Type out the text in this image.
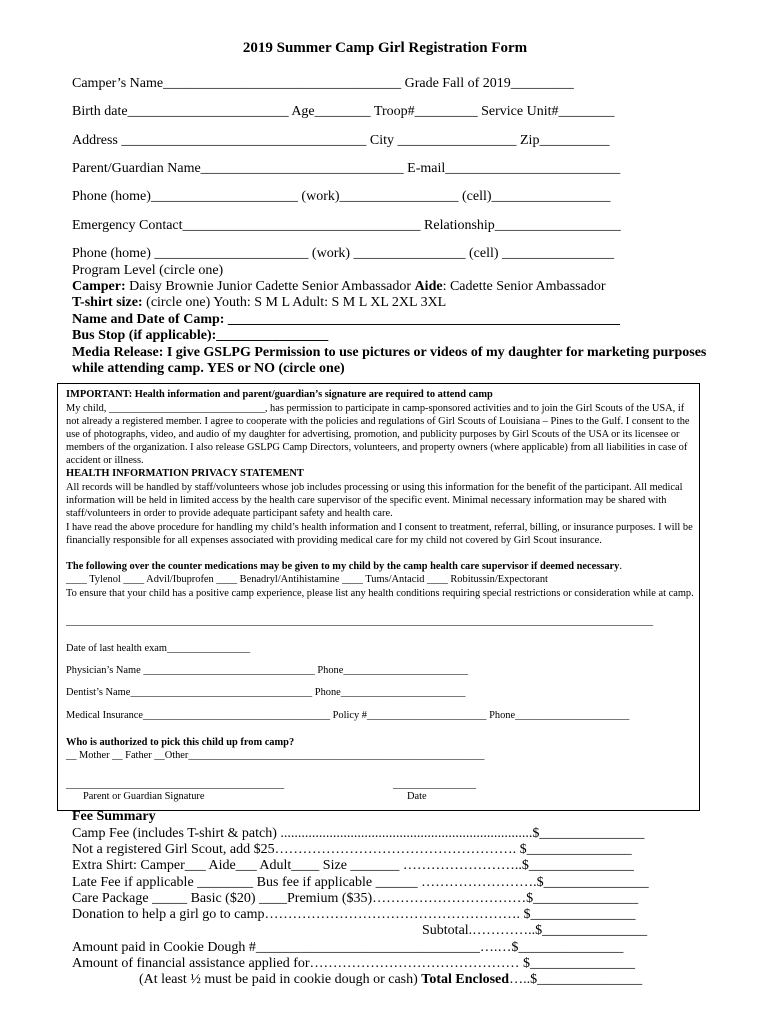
2019 Summer Camp Girl Registration Form
Camper’s Name__________________________________ Grade Fall of 2019_________
Birth date_______________________ Age________ Troop#_________ Service Unit#________
Address ___________________________________ City _________________ Zip__________
Parent/Guardian Name_____________________________ E-mail_________________________
Phone (home)_____________________ (work)_________________ (cell)_________________
Emergency Contact__________________________________ Relationship__________________
Phone (home) ______________________ (work) ________________ (cell) ________________
Program Level (circle one)
Camper: Daisy Brownie Junior Cadette Senior Ambassador Aide: Cadette Senior Ambassador
T-shirt size: (circle one) Youth: S M L Adult: S M L XL 2XL 3XL
Name and Date of Camp: ________________________________________________________
Bus Stop (if applicable):________________
Media Release: I give GSLPG Permission to use pictures or videos of my daughter for marketing purposes
while attending camp. YES or NO (circle one)
IMPORTANT: Health information and parent/guardian’s signature are required to attend camp
My child, ______________________________, has permission to participate in camp-sponsored activities and to join the Girl Scouts of the USA, if not already a registered member. I agree to cooperate with the policies and regulations of Girl Scouts of Louisiana – Pines to the Gulf. I consent to the use of photographs, video, and audio of my daughter for advertising, promotion, and publicity purposes by Girl Scouts of the USA or its licensee or members of the organization. I also release GSLPG Camp Directors, volunteers, and property owners (where applicable) from all liabilities in case of accident or illness.
HEALTH INFORMATION PRIVACY STATEMENT
All records will be handled by staff/volunteers whose job includes processing or using this information for the benefit of the participant. All medical information will be held in limited access by the health care supervisor of the specific event. Minimal necessary information may be shared with staff/volunteers in order to provide adequate participant safety and health care.
I have read the above procedure for handling my child’s health information and I consent to treatment, referral, billing, or insurance purposes. I will be financially responsible for all expenses associated with providing medical care for my child not covered by Girl Scout insurance.
The following over the counter medications may be given to my child by the camp health care supervisor if deemed necessary.
____ Tylenol ____ Advil/Ibuprofen ____ Benadryl/Antihistamine ____ Tums/Antacid ____ Robitussin/Expectorant
To ensure that your child has a positive camp experience, please list any health conditions requiring special restrictions or consideration while at camp.
_________________________________________________________________________________________________________________
Date of last health exam________________
Physician’s Name _________________________________ Phone________________________
Dentist’s Name___________________________________ Phone________________________
Medical Insurance____________________________________ Policy #_______________________ Phone______________________
Who is authorized to pick this child up from camp?
__ Mother __ Father __Other_________________________________________________________
__________________________________________	________________
Parent or Guardian Signature	Date
Fee Summary
Camp Fee (includes T-shirt & patch) ........................................................................$_______________
Not a registered Girl Scout, add $25……………………………………………. $_______________
Extra Shirt: Camper___ Aide___ Adult____ Size _______ ……………………..$_______________
Late Fee if applicable ________ Bus fee if applicable ______ …………………….$_______________
Care Package _____ Basic ($20) ____Premium ($35)……………………………$_______________
Donation to help a girl go to camp………………………………………………. $_______________
Subtotal.…………..$_______________
Amount paid in Cookie Dough #________________________________….…$_______________
Amount of financial assistance applied for……………………………………… $_______________
(At least ½ must be paid in cookie dough or cash) Total Enclosed…..$_______________
